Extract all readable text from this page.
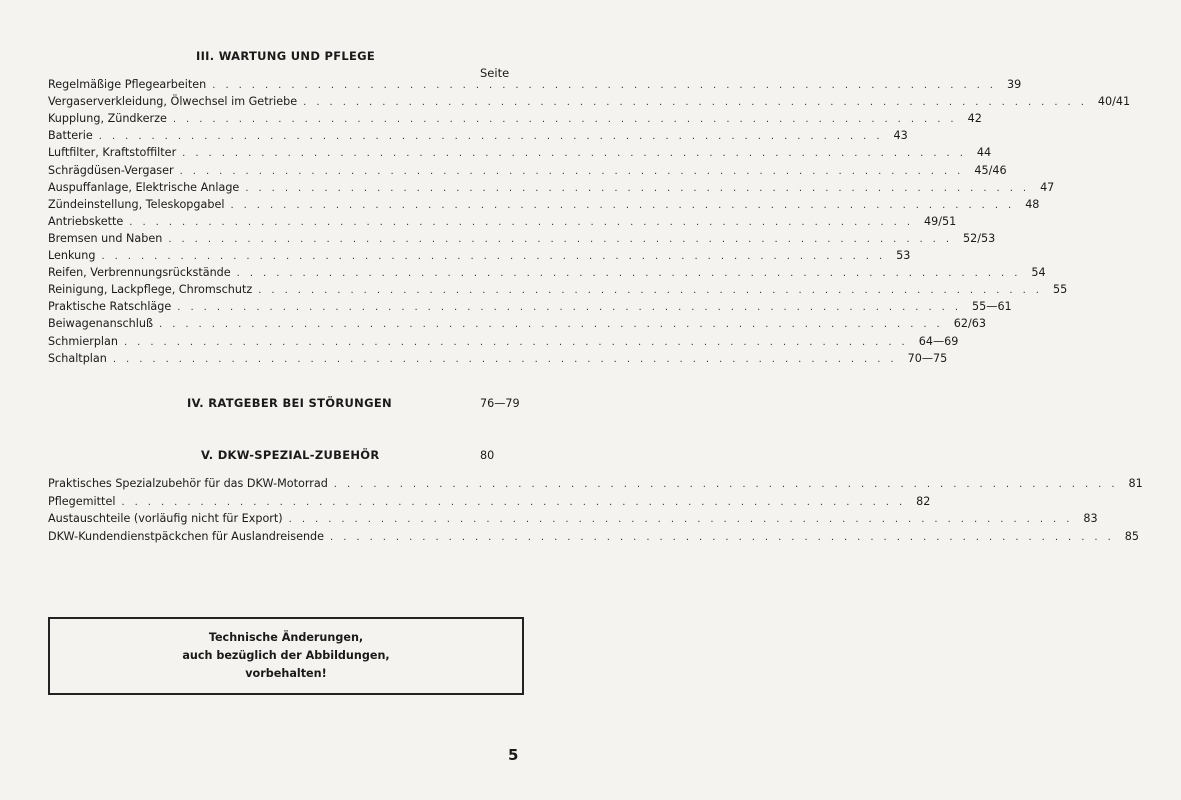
III. WARTUNG UND PFLEGE
Seite
Regelmäßige Pflegearbeiten ............................................................ 39
Vergaserverkleidung, Ölwechsel im Getriebe ............................................................ 40/41
Kupplung, Zündkerze ............................................................ 42
Batterie ............................................................ 43
Luftfilter, Kraftstoffilter ............................................................ 44
Schrägdüsen-Vergaser ............................................................ 45/46
Auspuffanlage, Elektrische Anlage ............................................................ 47
Zündeinstellung, Teleskopgabel ............................................................ 48
Antriebskette ............................................................ 49/51
Bremsen und Naben ............................................................ 52/53
Lenkung ............................................................ 53
Reifen, Verbrennungsrückstände ............................................................ 54
Reinigung, Lackpflege, Chromschutz ............................................................ 55
Praktische Ratschläge ............................................................ 55—61
Beiwagenanschluß ............................................................ 62/63
Schmierplan ............................................................ 64—69
Schaltplan ............................................................ 70—75
IV. RATGEBER BEI STÖRUNGEN	76—79
V. DKW-SPEZIAL-ZUBEHÖR	80
Praktisches Spezialzubehör für das DKW-Motorrad ............................................................ 81
Pflegemittel ............................................................ 82
Austauschteile (vorläufig nicht für Export) ............................................................ 83
DKW-Kundendienstpäckchen für Auslandreisende ............................................................ 85
Technische Änderungen,
auch bezüglich der Abbildungen,
vorbehalten!
5
